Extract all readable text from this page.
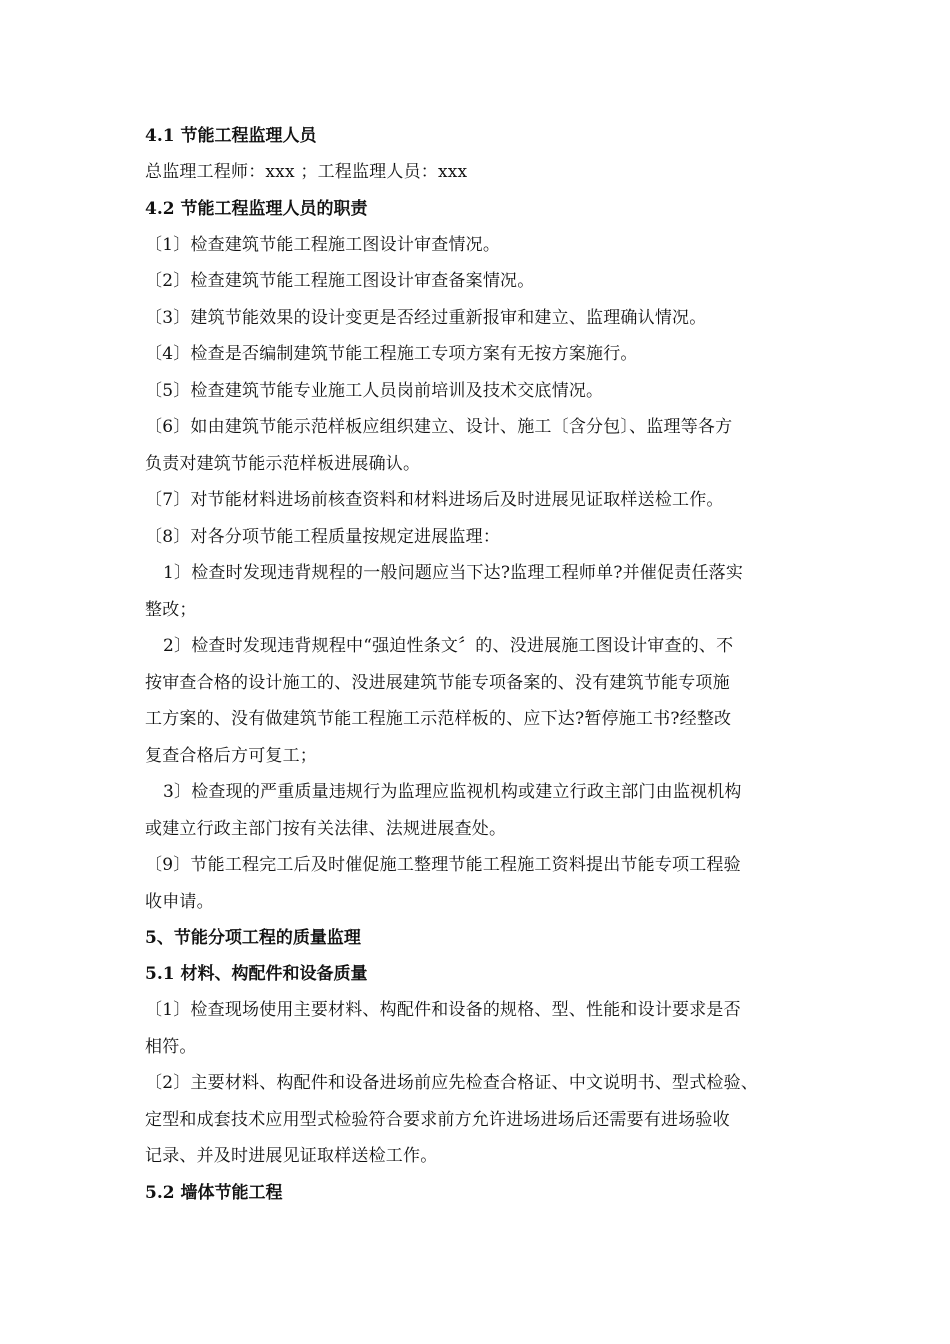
4.1 节能工程监理人员
总监理工程师：xxx ；工程监理人员：xxx
4.2 节能工程监理人员的职责
〔1〕检查建筑节能工程施工图设计审查情况。
〔2〕检查建筑节能工程施工图设计审查备案情况。
〔3〕建筑节能效果的设计变更是否经过重新报审和建立、监理确认情况。
〔4〕检查是否编制建筑节能工程施工专项方案有无按方案施行。
〔5〕检查建筑节能专业施工人员岗前培训及技术交底情况。
〔6〕如由建筑节能示范样板应组织建立、设计、施工〔含分包〕、监理等各方
负责对建筑节能示范样板进展确认。
〔7〕对节能材料进场前核查资料和材料进场后及时进展见证取样送检工作。
〔8〕对各分项节能工程质量按规定进展监理：
1〕检查时发现违背规程的一般问题应当下达?监理工程师单?并催促责任落实
整改；
2〕检查时发现违背规程中“强迫性条文〞的、没进展施工图设计审查的、不
按审查合格的设计施工的、没进展建筑节能专项备案的、没有建筑节能专项施
工方案的、没有做建筑节能工程施工示范样板的、应下达?暂停施工书?经整改
复查合格后方可复工；
3〕检查现的严重质量违规行为监理应监视机构或建立行政主部门由监视机构
或建立行政主部门按有关法律、法规进展查处。
〔9〕节能工程完工后及时催促施工整理节能工程施工资料提出节能专项工程验
收申请。
5、节能分项工程的质量监理
5.1 材料、构配件和设备质量
〔1〕检查现场使用主要材料、构配件和设备的规格、型、性能和设计要求是否
相符。
〔2〕主要材料、构配件和设备进场前应先检查合格证、中文说明书、型式检验、
定型和成套技术应用型式检验符合要求前方允许进场进场后还需要有进场验收
记录、并及时进展见证取样送检工作。
5.2 墙体节能工程
